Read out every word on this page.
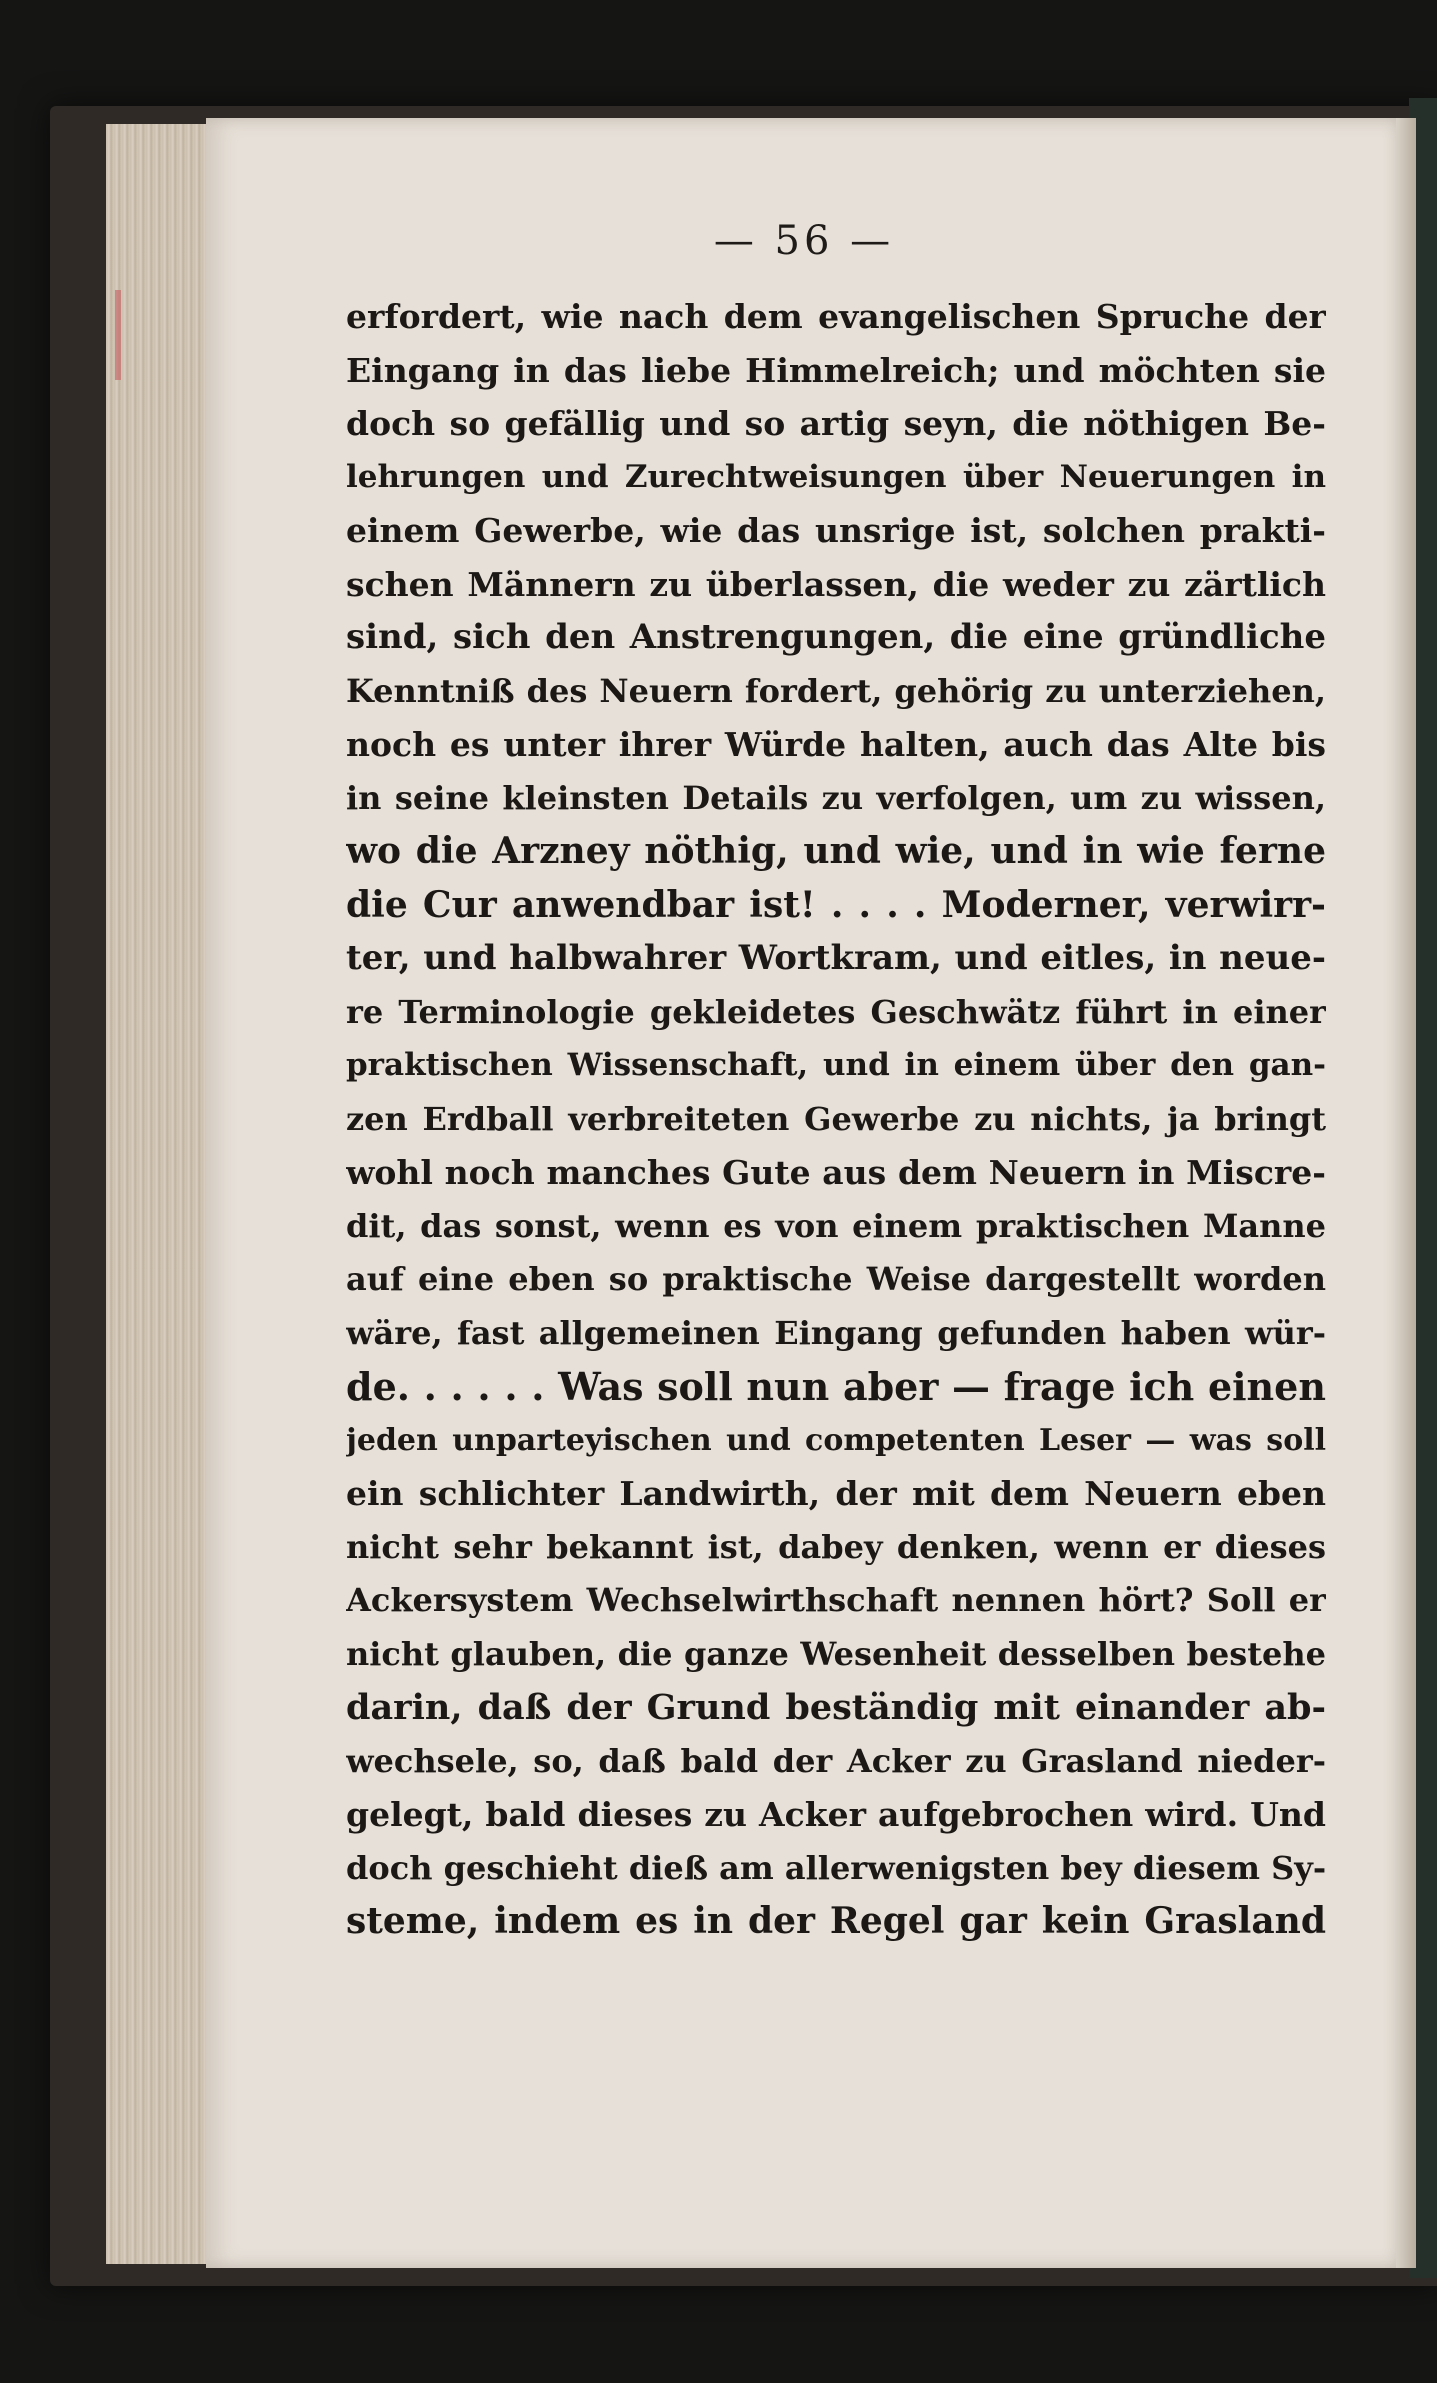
— 56 —
erfordert, wie nach dem evangelischen Spruche der
Eingang in das liebe Himmelreich; und möchten sie
doch so gefällig und so artig seyn, die nöthigen Be-
lehrungen und Zurechtweisungen über Neuerungen in
einem Gewerbe, wie das unsrige ist, solchen prakti-
schen Männern zu überlassen, die weder zu zärtlich
sind, sich den Anstrengungen, die eine gründliche
Kenntniß des Neuern fordert, gehörig zu unterziehen,
noch es unter ihrer Würde halten, auch das Alte bis
in seine kleinsten Details zu verfolgen, um zu wissen,
wo die Arzney nöthig, und wie, und in wie ferne
die Cur anwendbar ist! . . . . Moderner, verwirr-
ter, und halbwahrer Wortkram, und eitles, in neue-
re Terminologie gekleidetes Geschwätz führt in einer
praktischen Wissenschaft, und in einem über den gan-
zen Erdball verbreiteten Gewerbe zu nichts, ja bringt
wohl noch manches Gute aus dem Neuern in Miscre-
dit, das sonst, wenn es von einem praktischen Manne
auf eine eben so praktische Weise dargestellt worden
wäre, fast allgemeinen Eingang gefunden haben wür-
de. . . . . . Was soll nun aber — frage ich einen
jeden unparteyischen und competenten Leser — was soll
ein schlichter Landwirth, der mit dem Neuern eben
nicht sehr bekannt ist, dabey denken, wenn er dieses
Ackersystem Wechselwirthschaft nennen hört? Soll er
nicht glauben, die ganze Wesenheit desselben bestehe
darin, daß der Grund beständig mit einander ab-
wechsele, so, daß bald der Acker zu Grasland nieder-
gelegt, bald dieses zu Acker aufgebrochen wird. Und
doch geschieht dieß am allerwenigsten bey diesem Sy-
steme, indem es in der Regel gar kein Grasland
